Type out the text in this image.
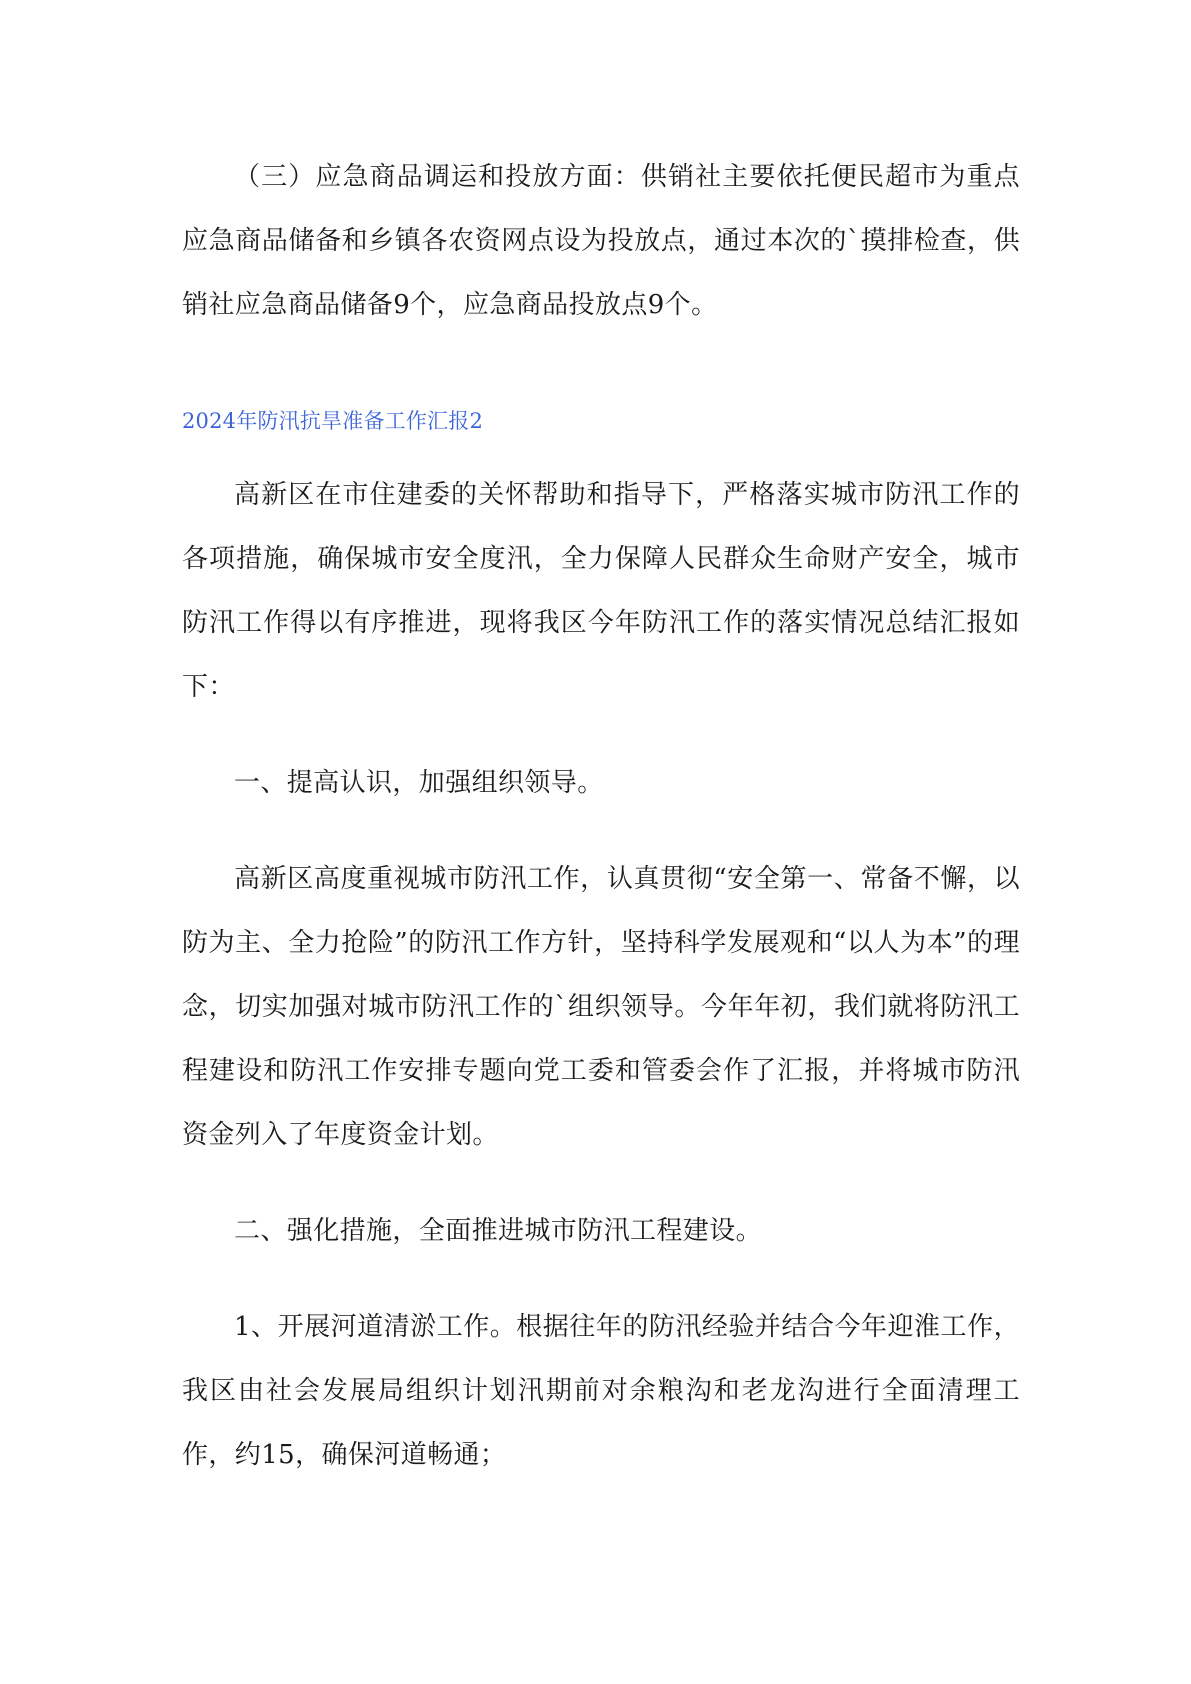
（三）应急商品调运和投放方面：供销社主要依托便民超市为重点应急商品储备和乡镇各农资网点设为投放点，通过本次的`摸排检查，供销社应急商品储备9个，应急商品投放点9个。

2024年防汛抗旱准备工作汇报2

高新区在市住建委的关怀帮助和指导下，严格落实城市防汛工作的各项措施，确保城市安全度汛，全力保障人民群众生命财产安全，城市防汛工作得以有序推进，现将我区今年防汛工作的落实情况总结汇报如下：

一、提高认识，加强组织领导。

高新区高度重视城市防汛工作，认真贯彻“安全第一、常备不懈，以防为主、全力抢险”的防汛工作方针，坚持科学发展观和“以人为本”的理念，切实加强对城市防汛工作的`组织领导。今年年初，我们就将防汛工程建设和防汛工作安排专题向党工委和管委会作了汇报，并将城市防汛资金列入了年度资金计划。

二、强化措施，全面推进城市防汛工程建设。

1、开展河道清淤工作。根据往年的防汛经验并结合今年迎淮工作，我区由社会发展局组织计划汛期前对余粮沟和老龙沟进行全面清理工作，约15，确保河道畅通；
